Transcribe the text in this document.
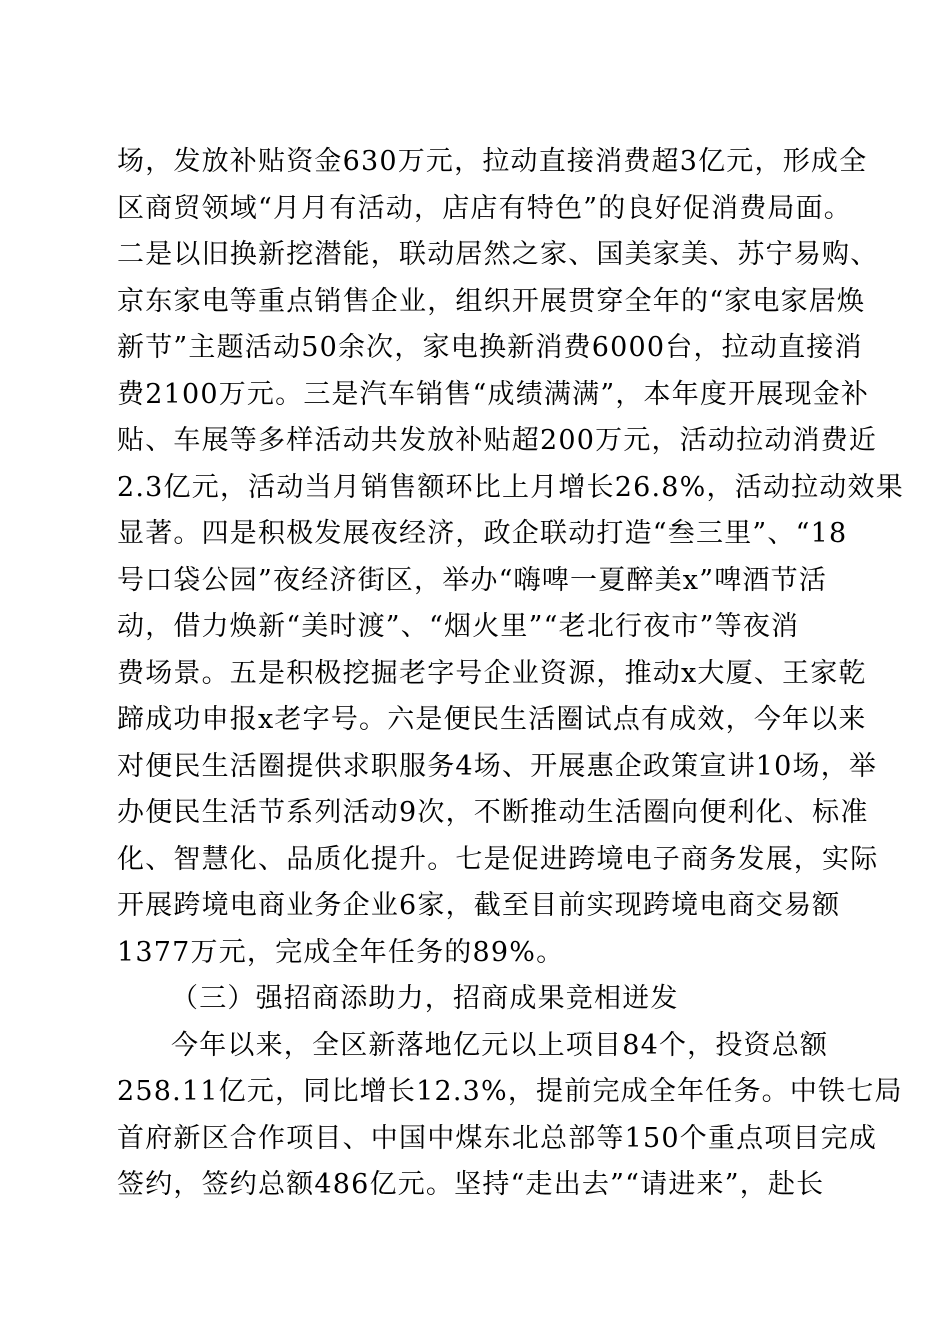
场，发放补贴资金630万元，拉动直接消费超3亿元，形成全
区商贸领域“月月有活动，店店有特色”的良好促消费局面。
二是以旧换新挖潜能，联动居然之家、国美家美、苏宁易购、
京东家电等重点销售企业，组织开展贯穿全年的“家电家居焕
新节”主题活动50余次，家电换新消费6000台，拉动直接消
费2100万元。三是汽车销售“成绩满满”，本年度开展现金补
贴、车展等多样活动共发放补贴超200万元，活动拉动消费近
2.3亿元，活动当月销售额环比上月增长26.8%，活动拉动效果
显著。四是积极发展夜经济，政企联动打造“叁三里”、“18
号口袋公园”夜经济街区，举办“嗨啤一夏醉美x”啤酒节活
动，借力焕新“美时渡”、“烟火里”“老北行夜市”等夜消
费场景。五是积极挖掘老字号企业资源，推动x大厦、王家乾
蹄成功申报x老字号。六是便民生活圈试点有成效，今年以来
对便民生活圈提供求职服务4场、开展惠企政策宣讲10场，举
办便民生活节系列活动9次，不断推动生活圈向便利化、标准
化、智慧化、品质化提升。七是促进跨境电子商务发展，实际
开展跨境电商业务企业6家，截至目前实现跨境电商交易额
1377万元，完成全年任务的89%。
（三）强招商添助力，招商成果竞相迸发
今年以来，全区新落地亿元以上项目84个，投资总额
258.11亿元，同比增长12.3%，提前完成全年任务。中铁七局
首府新区合作项目、中国中煤东北总部等150个重点项目完成
签约，签约总额486亿元。坚持“走出去”“请进来”，赴长
